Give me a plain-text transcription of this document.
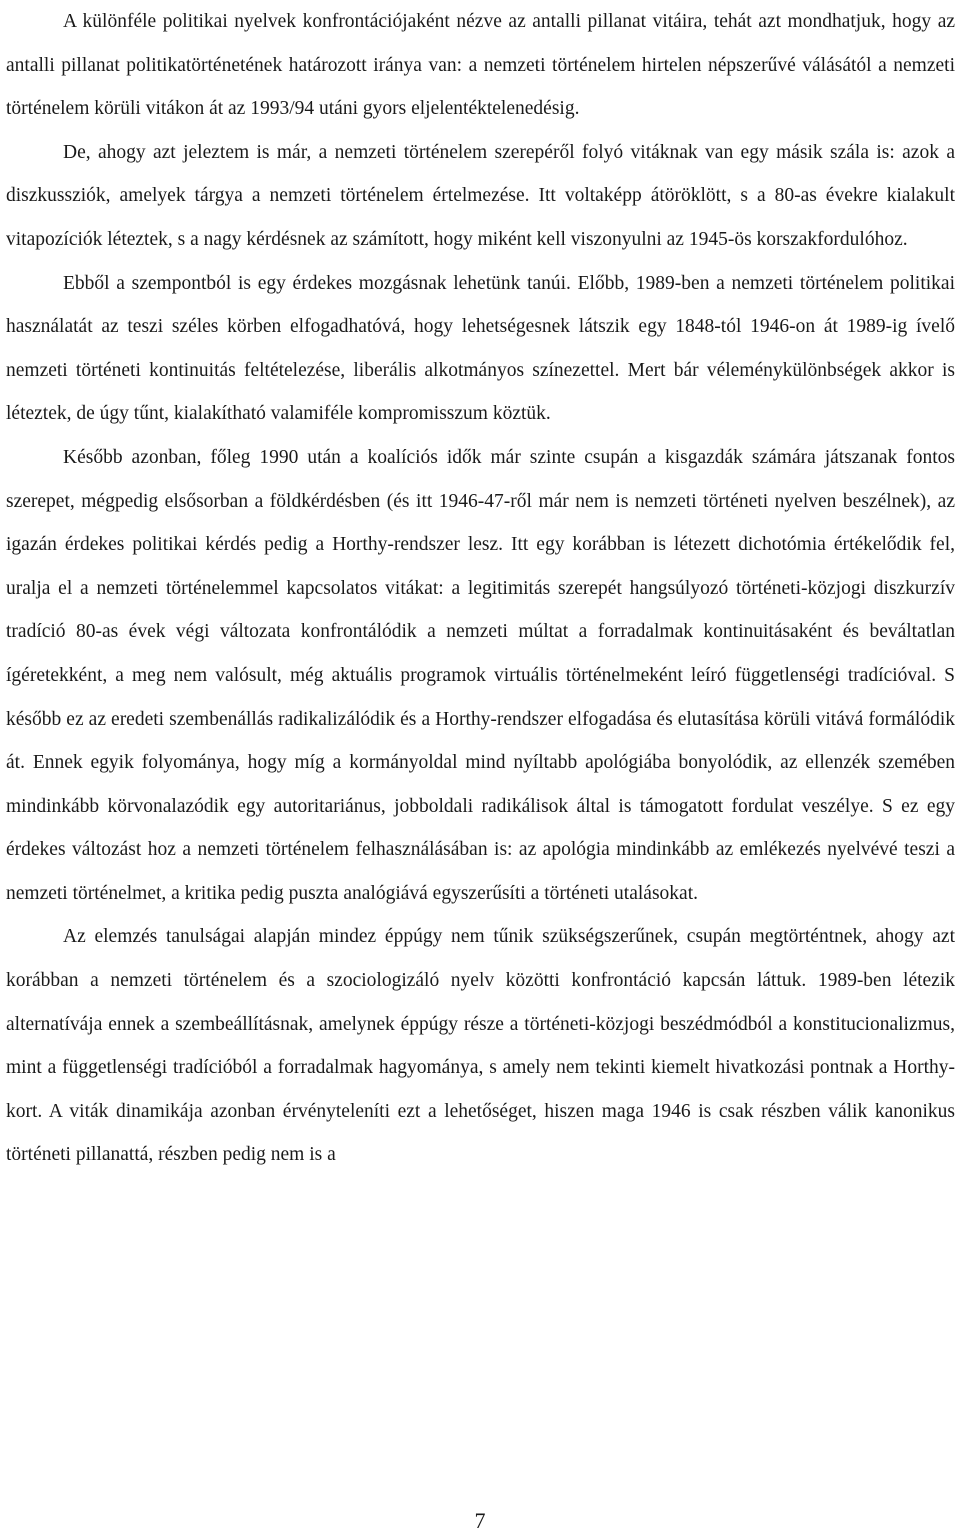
A különféle politikai nyelvek konfrontációjaként nézve az antalli pillanat vitáira, tehát azt mondhatjuk, hogy az antalli pillanat politikatörténetének határozott iránya van: a nemzeti történelem hirtelen népszerűvé válásától a nemzeti történelem körüli vitákon át az 1993/94 utáni gyors eljelentéktelenedésig.

De, ahogy azt jeleztem is már, a nemzeti történelem szerepéről folyó vitáknak van egy másik szála is: azok a diszkussziók, amelyek tárgya a nemzeti történelem értelmezése. Itt voltaképp átöröklött, s a 80-as évekre kialakult vitapozíciók léteztek, s a nagy kérdésnek az számított, hogy miként kell viszonyulni az 1945-ös korszakfordulóhoz.

Ebből a szempontból is egy érdekes mozgásnak lehetünk tanúi. Előbb, 1989-ben a nemzeti történelem politikai használatát az teszi széles körben elfogadhatóvá, hogy lehetségesnek látszik egy 1848-tól 1946-on át 1989-ig ívelő nemzeti történeti kontinuitás feltételezése, liberális alkotmányos színezettel. Mert bár véleménykülönbségek akkor is léteztek, de úgy tűnt, kialakítható valamiféle kompromisszum köztük.

Később azonban, főleg 1990 után a koalíciós idők már szinte csupán a kisgazdák számára játszanak fontos szerepet, mégpedig elsősorban a földkérdésben (és itt 1946-47-ről már nem is nemzeti történeti nyelven beszélnek), az igazán érdekes politikai kérdés pedig a Horthy-rendszer lesz. Itt egy korábban is létezett dichotómia értékelődik fel, uralja el a nemzeti történelemmel kapcsolatos vitákat: a legitimitás szerepét hangsúlyozó történeti-közjogi diszkurzív tradíció 80-as évek végi változata konfrontálódik a nemzeti múltat a forradalmak kontinuitásaként és beváltatlan ígéretekként, a meg nem valósult, még aktuális programok virtuális történelmeként leíró függetlenségi tradícióval. S később ez az eredeti szembenállás radikalizálódik és a Horthy-rendszer elfogadása és elutasítása körüli vitává formálódik át. Ennek egyik folyománya, hogy míg a kormányoldal mind nyíltabb apológiába bonyolódik, az ellenzék szemében mindinkább körvonalazódik egy autoritariánus, jobboldali radikálisok által is támogatott fordulat veszélye. S ez egy érdekes változást hoz a nemzeti történelem felhasználásában is: az apológia mindinkább az emlékezés nyelvévé teszi a nemzeti történelmet, a kritika pedig puszta analógiává egyszerűsíti a történeti utalásokat.

Az elemzés tanulságai alapján mindez éppúgy nem tűnik szükségszerűnek, csupán megtörténtnek, ahogy azt korábban a nemzeti történelem és a szociologizáló nyelv közötti konfrontáció kapcsán láttuk. 1989-ben létezik alternatívája ennek a szembeállításnak, amelynek éppúgy része a történeti-közjogi beszédmódból a konstitucionalizmus, mint a függetlenségi tradícióból a forradalmak hagyománya, s amely nem tekinti kiemelt hivatkozási pontnak a Horthy-kort. A viták dinamikája azonban érvényteleníti ezt a lehetőséget, hiszen maga 1946 is csak részben válik kanonikus történeti pillanattá, részben pedig nem is a

7
